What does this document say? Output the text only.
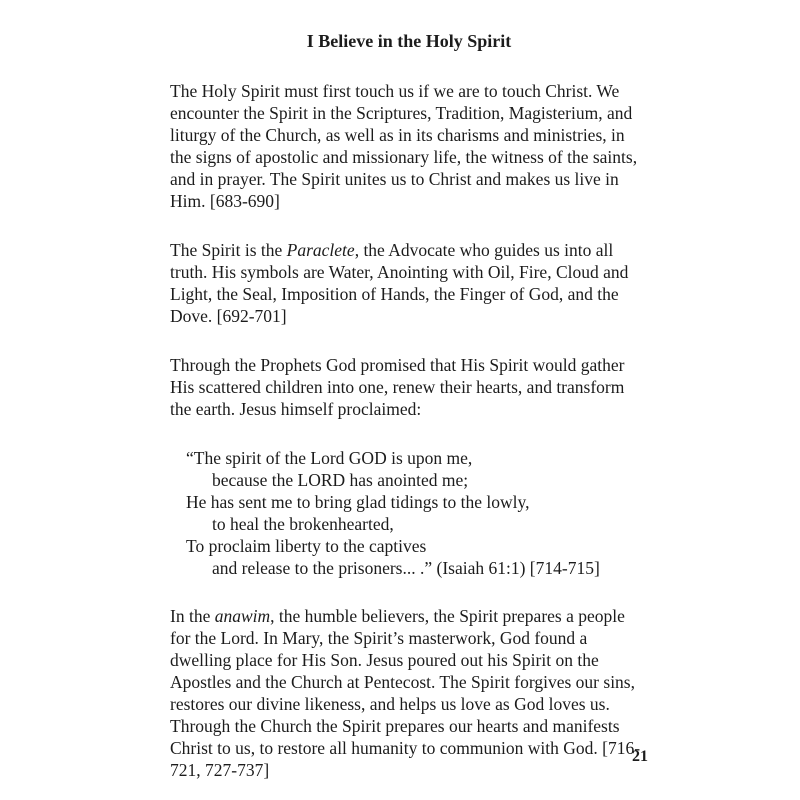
I Believe in the Holy Spirit

The Holy Spirit must first touch us if we are to touch Christ. We encounter the Spirit in the Scriptures, Tradition, Magisterium, and liturgy of the Church, as well as in its charisms and ministries, in the signs of apostolic and missionary life, the witness of the saints, and in prayer. The Spirit unites us to Christ and makes us live in Him. [683-690]

The Spirit is the Paraclete, the Advocate who guides us into all truth. His symbols are Water, Anointing with Oil, Fire, Cloud and Light, the Seal, Imposition of Hands, the Finger of God, and the Dove. [692-701]

Through the Prophets God promised that His Spirit would gather His scattered children into one, renew their hearts, and transform the earth. Jesus himself proclaimed:

“The spirit of the Lord GOD is upon me,
because the LORD has anointed me;
He has sent me to bring glad tidings to the lowly,
to heal the brokenhearted,
To proclaim liberty to the captives
and release to the prisoners... .” (Isaiah 61:1) [714-715]

In the anawim, the humble believers, the Spirit prepares a people for the Lord. In Mary, the Spirit’s masterwork, God found a dwelling place for His Son. Jesus poured out his Spirit on the Apostles and the Church at Pentecost. The Spirit forgives our sins, restores our divine likeness, and helps us love as God loves us. Through the Church the Spirit prepares our hearts and manifests Christ to us, to restore all humanity to communion with God. [716-721, 727-737]

21
